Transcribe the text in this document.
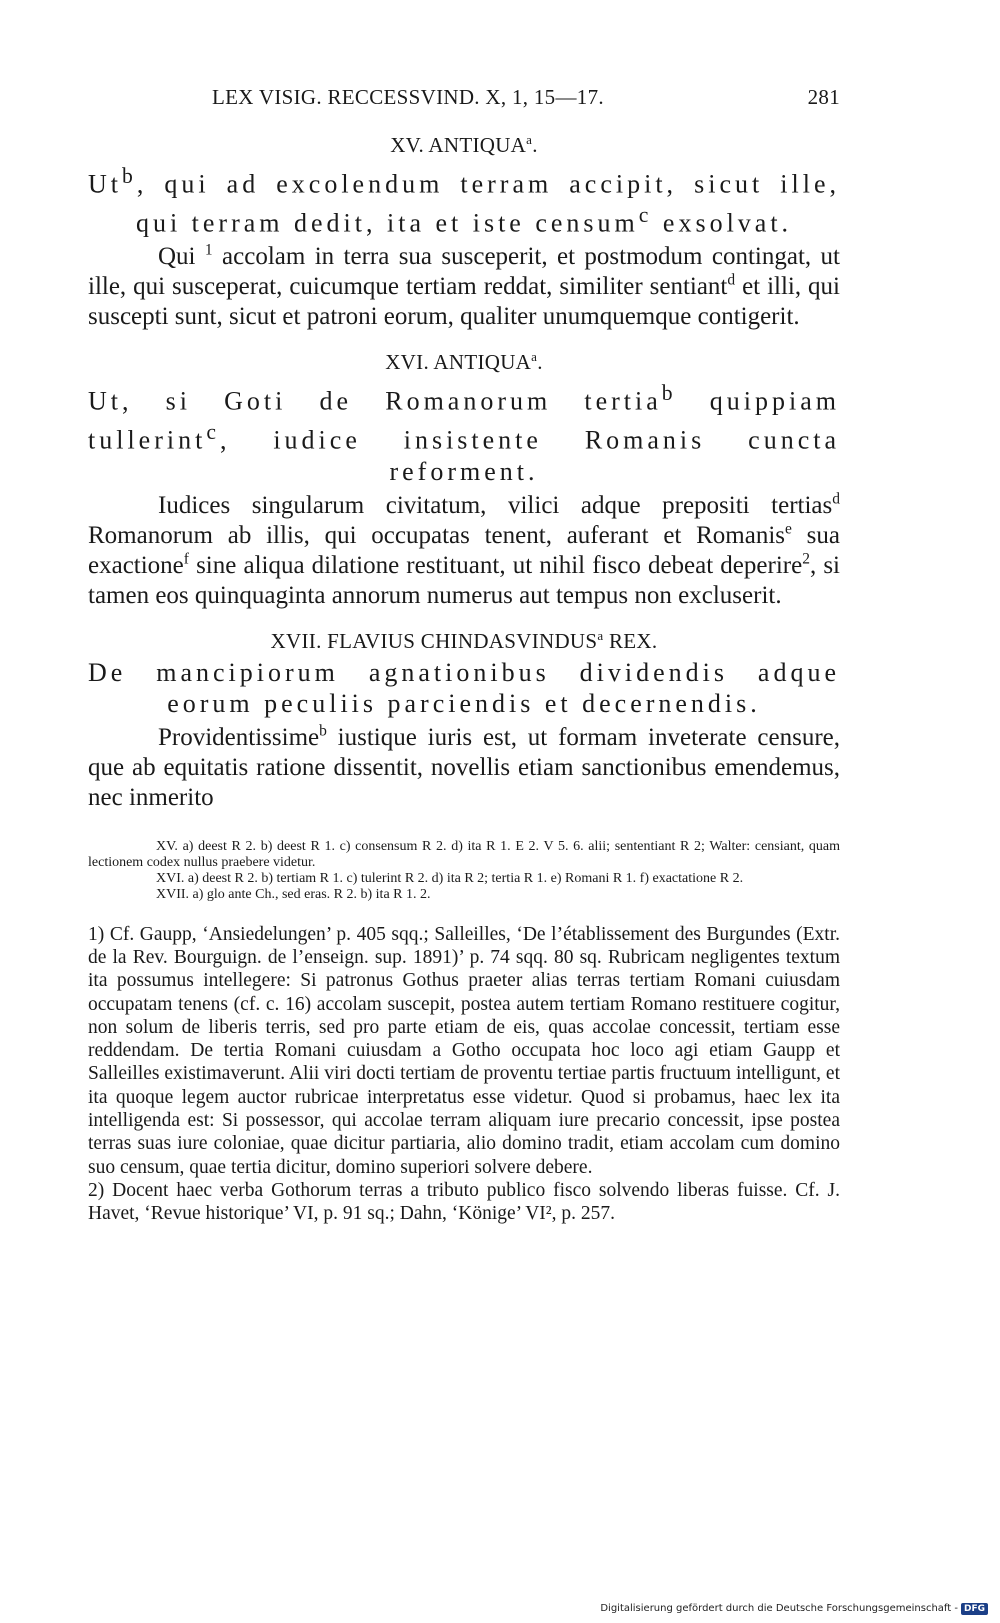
LEX VISIG. RECCESSVIND. X, 1, 15—17.	281
XV. ANTIQUA$^a$.
Ut$^b$, qui ad excolendum terram accipit, sicut ille, qui terram dedit, ita et iste censum$^c$ exsolvat.
Qui $^1$ accolam in terra sua susceperit, et postmodum contingat, ut ille, qui susceperat, cuicumque tertiam reddat, similiter sentiant$^d$ et illi, qui suscepti sunt, sicut et patroni eorum, qualiter unumquemque contigerit.
XVI. ANTIQUA$^a$.
Ut, si Goti de Romanorum tertia$^b$ quippiam tullerint$^c$, iudice insistente Romanis cuncta reforment.
Iudices singularum civitatum, vilici adque prepositi tertias$^d$ Romanorum ab illis, qui occupatas tenent, auferant et Romanis$^e$ sua exactione$^f$ sine aliqua dilatione restituant, ut nihil fisco debeat deperire$^2$, si tamen eos quinquaginta annorum numerus aut tempus non excluserit.
XVII. FLAVIUS CHINDASVINDUS$^a$ REX.
De mancipiorum agnationibus dividendis adque eorum peculiis parciendis et decernendis.
Providentissime$^b$ iustique iuris est, ut formam inveterate censure, que ab equitatis ratione dissentit, novellis etiam sanctionibus emendemus, nec inmerito
XV. a) deest R 2. b) deest R 1. c) consensum R 2. d) ita R 1. E 2. V 5. 6. alii; sententiant R 2; Walter: censiant, quam lectionem codex nullus praebere videtur.
XVI. a) deest R 2. b) tertiam R 1. c) tulerint R 2. d) ita R 2; tertia R 1. e) Romani R 1. f) exactatione R 2.
XVII. a) glo ante Ch., sed eras. R 2. b) ita R 1. 2.
1) Cf. Gaupp, ‘Ansiedelungen’ p. 405 sqq.; Salleilles, ‘De l’établissement des Burgundes (Extr. de la Rev. Bourguign. de l’enseign. sup. 1891)’ p. 74 sqq. 80 sq. Rubricam negligentes textum ita possumus intellegere: Si patronus Gothus praeter alias terras tertiam Romani cuiusdam occupatam tenens (cf. c. 16) accolam suscepit, postea autem tertiam Romano restituere cogitur, non solum de liberis terris, sed pro parte etiam de eis, quas accolae concessit, tertiam esse reddendam. De tertia Romani cuiusdam a Gotho occupata hoc loco agi etiam Gaupp et Salleilles existimaverunt. Alii viri docti tertiam de proventu tertiae partis fructuum intelligunt, et ita quoque legem auctor rubricae interpretatus esse videtur. Quod si probamus, haec lex ita intelligenda est: Si possessor, qui accolae terram aliquam iure precario concessit, ipse postea terras suas iure coloniae, quae dicitur partiaria, alio domino tradit, etiam accolam cum domino suo censum, quae tertia dicitur, domino superiori solvere debere.
2) Docent haec verba Gothorum terras a tributo publico fisco solvendo liberas fuisse. Cf. J. Havet, ‘Revue historique’ VI, p. 91 sq.; Dahn, ‘Könige’ VI², p. 257.
Digitalisierung gefördert durch die Deutsche Forschungsgemeinschaft - DFG
